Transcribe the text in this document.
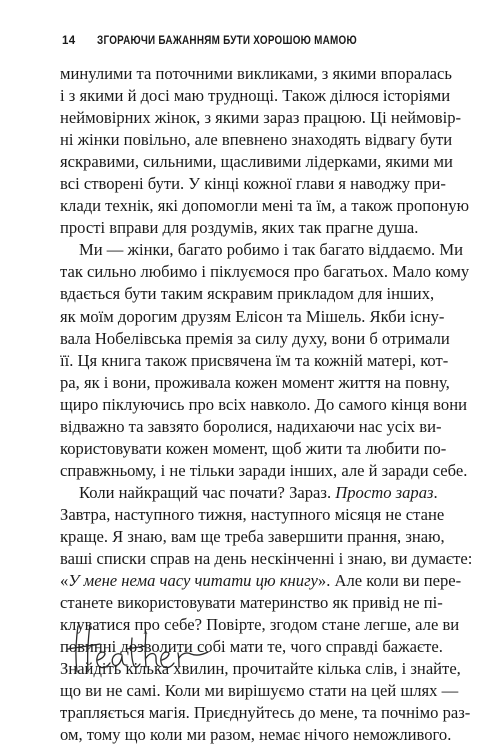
14 ЗГОРАЮЧИ БАЖАННЯМ БУТИ ХОРОШОЮ МАМОЮ

минулими та поточними викликами, з якими впоралась
і з якими й досі маю труднощі. Також ділюся історіями
неймовірних жінок, з якими зараз працюю. Ці неймовір-
ні жінки повільно, але впевнено знаходять відвагу бути
яскравими, сильними, щасливими лідерками, якими ми
всі створені бути. У кінці кожної глави я наводжу при-
клади технік, які допомогли мені та їм, а також пропоную
прості вправи для роздумів, яких так прагне душа.

Ми — жінки, багато робимо і так багато віддаємо. Ми
так сильно любимо і піклуємося про багатьох. Мало кому
вдається бути таким яскравим прикладом для інших,
як моїм дорогим друзям Елісон та Мішель. Якби існу-
вала Нобелівська премія за силу духу, вони б отримали
її. Ця книга також присвячена їм та кожній матері, кот-
ра, як і вони, проживала кожен момент життя на повну,
щиро піклуючись про всіх навколо. До самого кінця вони
відважно та завзято боролися, надихаючи нас усіх ви-
користовувати кожен момент, щоб жити та любити по-
справжньому, і не тільки заради інших, але й заради себе.

Коли найкращий час почати? Зараз. Просто зараз.
Завтра, наступного тижня, наступного місяця не стане
краще. Я знаю, вам ще треба завершити прання, знаю,
ваші списки справ на день нескінченні і знаю, ви думаєте:
«У мене нема часу читати цю книгу». Але коли ви пере-
станете використовувати материнство як привід не пі-
клуватися про себе? Повірте, згодом стане легше, але ви
повинні дозволити собі мати те, чого справді бажаєте.
Знайдіть кілька хвилин, прочитайте кілька слів, і знайте,
що ви не самі. Коли ми вирішуємо стати на цей шлях —
трапляється магія. Приєднуйтесь до мене, та почнімо раз-
ом, тому що коли ми разом, немає нічого неможливого.
